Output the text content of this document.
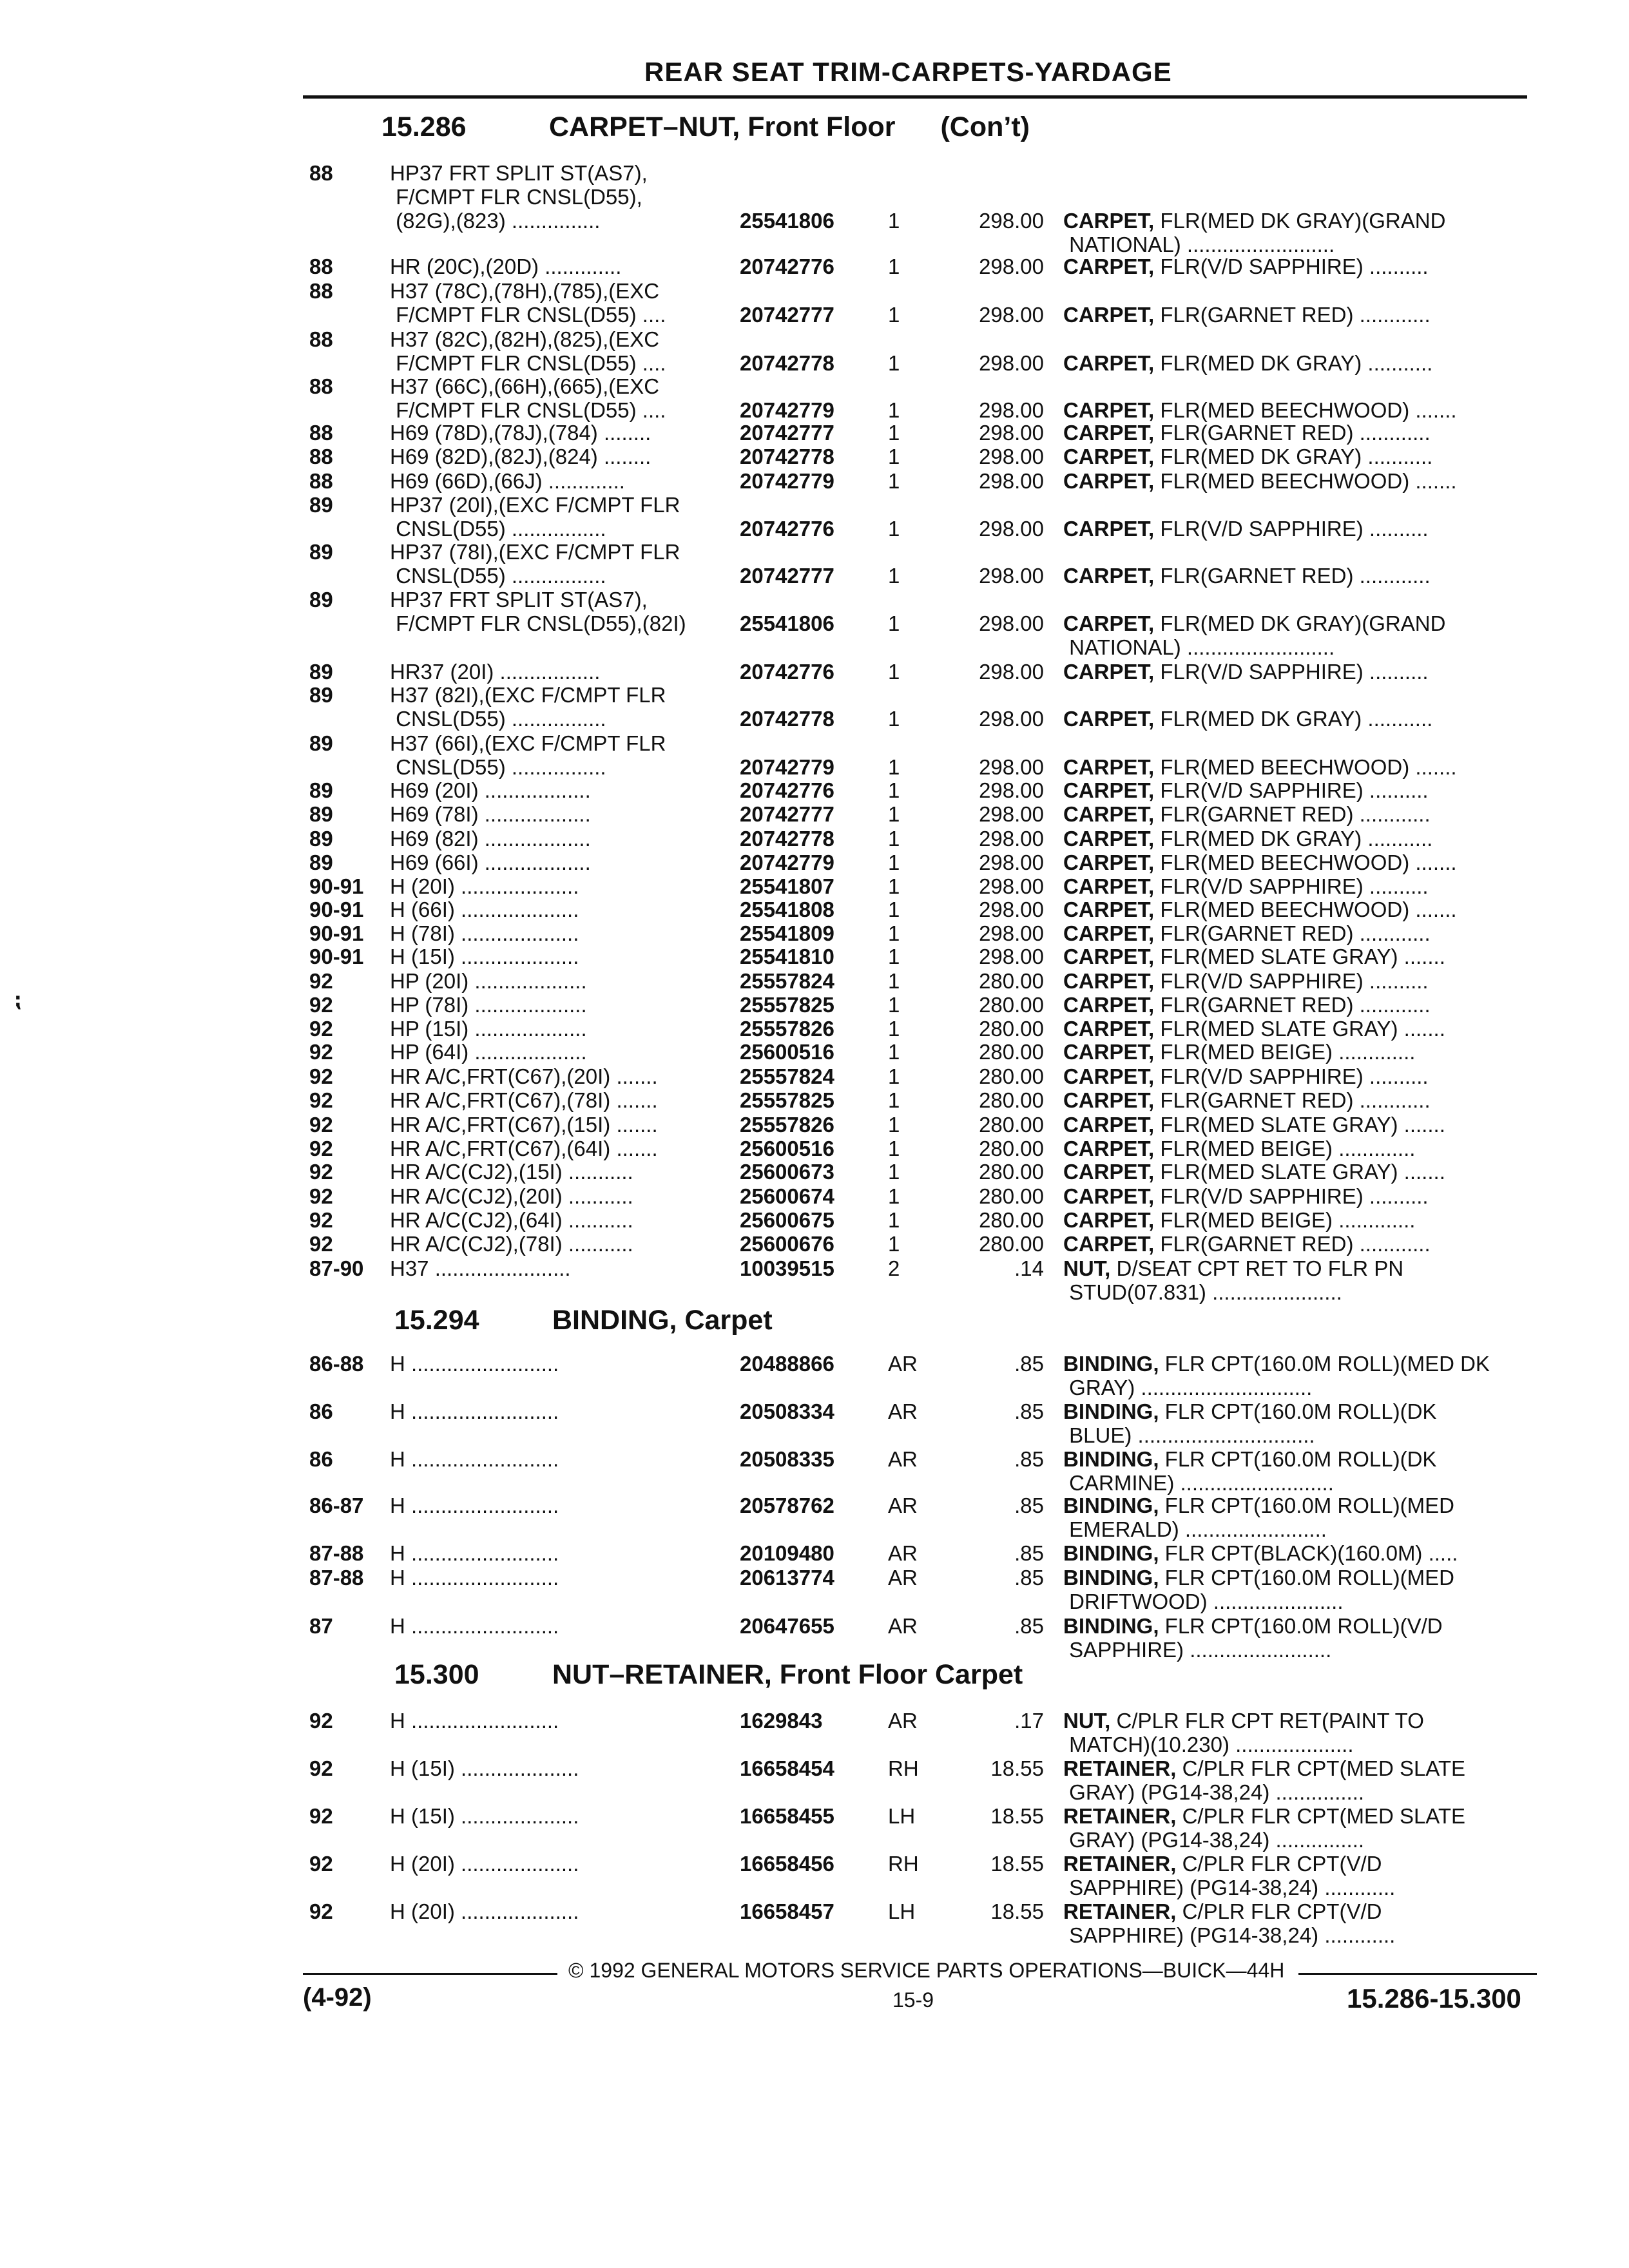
REAR SEAT TRIM-CARPETS-YARDAGE
⁏
15.286	CARPET–NUT, Front Floor (Con’t)
15.294	BINDING, Carpet
15.300	NUT–RETAINER, Front Floor Carpet
88	HP37 FRT SPLIT ST(AS7),
F/CMPT FLR CNSL(D55),
(82G),(823) ...............	25541806	1	298.00 CARPET, FLR(MED DK GRAY)(GRAND
NATIONAL) .........................
88	HR (20C),(20D) .............	20742776	1	298.00 CARPET, FLR(V/D SAPPHIRE) ..........
88	H37 (78C),(78H),(785),(EXC
F/CMPT FLR CNSL(D55) ....	20742777	1	298.00 CARPET, FLR(GARNET RED) ............
88	H37 (82C),(82H),(825),(EXC
F/CMPT FLR CNSL(D55) ....	20742778	1	298.00 CARPET, FLR(MED DK GRAY) ...........
88	H37 (66C),(66H),(665),(EXC
F/CMPT FLR CNSL(D55) ....	20742779	1	298.00 CARPET, FLR(MED BEECHWOOD) .......
88	H69 (78D),(78J),(784) ........	20742777	1	298.00 CARPET, FLR(GARNET RED) ............
88	H69 (82D),(82J),(824) ........	20742778	1	298.00 CARPET, FLR(MED DK GRAY) ...........
88	H69 (66D),(66J) .............	20742779	1	298.00 CARPET, FLR(MED BEECHWOOD) .......
89	HP37 (20I),(EXC F/CMPT FLR
CNSL(D55) ................	20742776	1	298.00 CARPET, FLR(V/D SAPPHIRE) ..........
89	HP37 (78I),(EXC F/CMPT FLR
CNSL(D55) ................	20742777	1	298.00 CARPET, FLR(GARNET RED) ............
89	HP37 FRT SPLIT ST(AS7),
F/CMPT FLR CNSL(D55),(82I)	25541806	1	298.00 CARPET, FLR(MED DK GRAY)(GRAND
NATIONAL) .........................
89	HR37 (20I) .................	20742776	1	298.00 CARPET, FLR(V/D SAPPHIRE) ..........
89	H37 (82I),(EXC F/CMPT FLR
CNSL(D55) ................	20742778	1	298.00 CARPET, FLR(MED DK GRAY) ...........
89	H37 (66I),(EXC F/CMPT FLR
CNSL(D55) ................	20742779	1	298.00 CARPET, FLR(MED BEECHWOOD) .......
89	H69 (20I) ..................	20742776	1	298.00 CARPET, FLR(V/D SAPPHIRE) ..........
89	H69 (78I) ..................	20742777	1	298.00 CARPET, FLR(GARNET RED) ............
89	H69 (82I) ..................	20742778	1	298.00 CARPET, FLR(MED DK GRAY) ...........
89	H69 (66I) ..................	20742779	1	298.00 CARPET, FLR(MED BEECHWOOD) .......
90-91	H (20I) ....................	25541807	1	298.00 CARPET, FLR(V/D SAPPHIRE) ..........
90-91	H (66I) ....................	25541808	1	298.00 CARPET, FLR(MED BEECHWOOD) .......
90-91	H (78I) ....................	25541809	1	298.00 CARPET, FLR(GARNET RED) ............
90-91	H (15I) ....................	25541810	1	298.00 CARPET, FLR(MED SLATE GRAY) .......
92	HP (20I) ...................	25557824	1	280.00 CARPET, FLR(V/D SAPPHIRE) ..........
92	HP (78I) ...................	25557825	1	280.00 CARPET, FLR(GARNET RED) ............
92	HP (15I) ...................	25557826	1	280.00 CARPET, FLR(MED SLATE GRAY) .......
92	HP (64I) ...................	25600516	1	280.00 CARPET, FLR(MED BEIGE) .............
92	HR A/C,FRT(C67),(20I) .......	25557824	1	280.00 CARPET, FLR(V/D SAPPHIRE) ..........
92	HR A/C,FRT(C67),(78I) .......	25557825	1	280.00 CARPET, FLR(GARNET RED) ............
92	HR A/C,FRT(C67),(15I) .......	25557826	1	280.00 CARPET, FLR(MED SLATE GRAY) .......
92	HR A/C,FRT(C67),(64I) .......	25600516	1	280.00 CARPET, FLR(MED BEIGE) .............
92	HR A/C(CJ2),(15I) ...........	25600673	1	280.00 CARPET, FLR(MED SLATE GRAY) .......
92	HR A/C(CJ2),(20I) ...........	25600674	1	280.00 CARPET, FLR(V/D SAPPHIRE) ..........
92	HR A/C(CJ2),(64I) ...........	25600675	1	280.00 CARPET, FLR(MED BEIGE) .............
92	HR A/C(CJ2),(78I) ...........	25600676	1	280.00 CARPET, FLR(GARNET RED) ............
87-90	H37 .......................	10039515	2	.14 NUT, D/SEAT CPT RET TO FLR PN
STUD(07.831) ......................
86-88	H .........................	20488866	AR	.85 BINDING, FLR CPT(160.0M ROLL)(MED DK
GRAY) .............................
86	H .........................	20508334	AR	.85 BINDING, FLR CPT(160.0M ROLL)(DK
BLUE) ..............................
86	H .........................	20508335	AR	.85 BINDING, FLR CPT(160.0M ROLL)(DK
CARMINE) ..........................
86-87	H .........................	20578762	AR	.85 BINDING, FLR CPT(160.0M ROLL)(MED
EMERALD) ........................
87-88	H .........................	20109480	AR	.85 BINDING, FLR CPT(BLACK)(160.0M) .....
87-88	H .........................	20613774	AR	.85 BINDING, FLR CPT(160.0M ROLL)(MED
DRIFTWOOD) ......................
87	H .........................	20647655	AR	.85 BINDING, FLR CPT(160.0M ROLL)(V/D
SAPPHIRE) ........................
92	H .........................	1629843	AR	.17 NUT, C/PLR FLR CPT RET(PAINT TO
MATCH)(10.230) ....................
92	H (15I) ....................	16658454	RH	18.55 RETAINER, C/PLR FLR CPT(MED SLATE
GRAY) (PG14-38,24) ...............
92	H (15I) ....................	16658455	LH	18.55 RETAINER, C/PLR FLR CPT(MED SLATE
GRAY) (PG14-38,24) ...............
92	H (20I) ....................	16658456	RH	18.55 RETAINER, C/PLR FLR CPT(V/D
SAPPHIRE) (PG14-38,24) ............
92	H (20I) ....................	16658457	LH	18.55 RETAINER, C/PLR FLR CPT(V/D
SAPPHIRE) (PG14-38,24) ............
© 1992 GENERAL MOTORS SERVICE PARTS OPERATIONS—BUICK—44H
(4-92)	15-9	15.286-15.300
